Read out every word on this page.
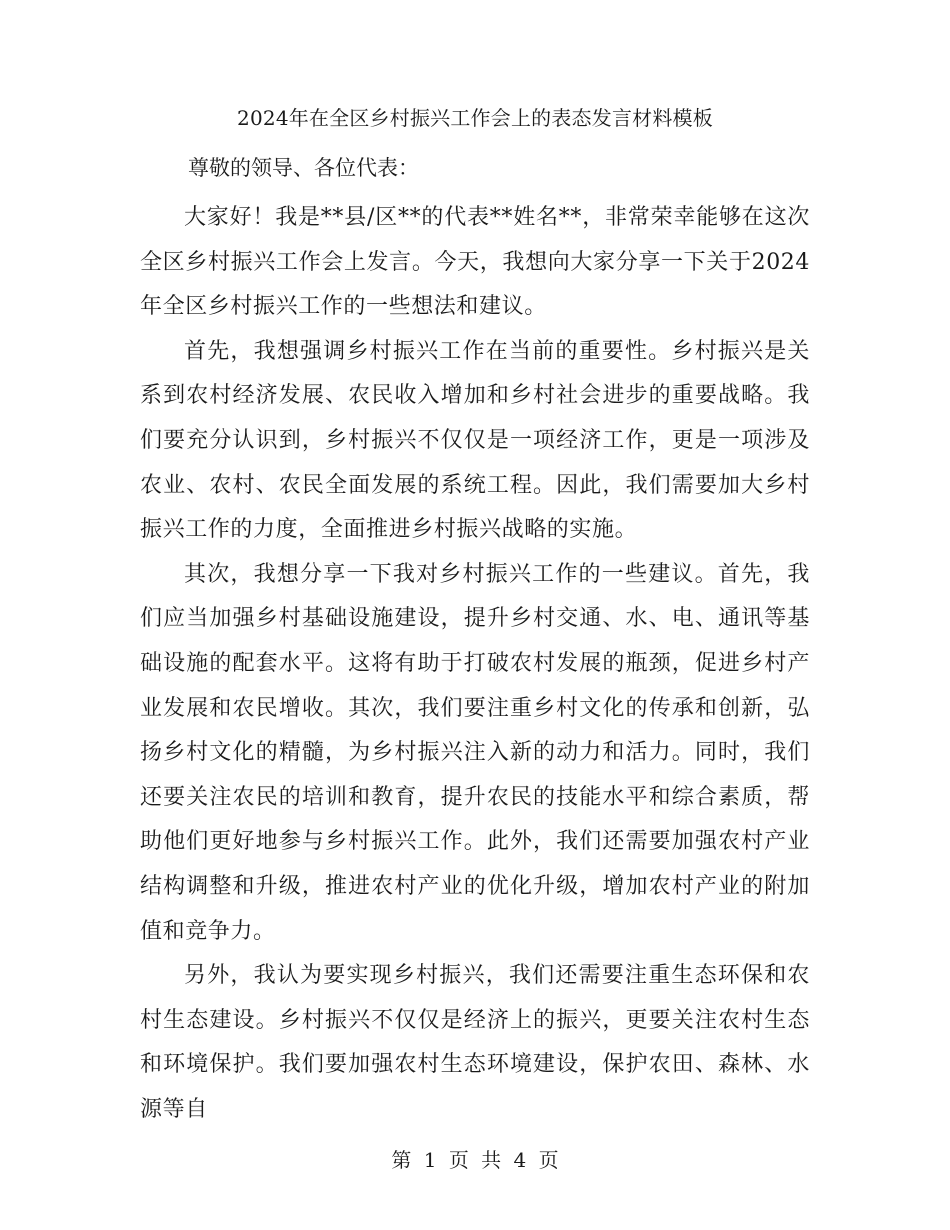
2024年在全区乡村振兴工作会上的表态发言材料模板

尊敬的领导、各位代表：

大家好！我是**县/区**的代表**姓名**，非常荣幸能够在这次全区乡村振兴工作会上发言。今天，我想向大家分享一下关于2024年全区乡村振兴工作的一些想法和建议。

首先，我想强调乡村振兴工作在当前的重要性。乡村振兴是关系到农村经济发展、农民收入增加和乡村社会进步的重要战略。我们要充分认识到，乡村振兴不仅仅是一项经济工作，更是一项涉及农业、农村、农民全面发展的系统工程。因此，我们需要加大乡村振兴工作的力度，全面推进乡村振兴战略的实施。

其次，我想分享一下我对乡村振兴工作的一些建议。首先，我们应当加强乡村基础设施建设，提升乡村交通、水、电、通讯等基础设施的配套水平。这将有助于打破农村发展的瓶颈，促进乡村产业发展和农民增收。其次，我们要注重乡村文化的传承和创新，弘扬乡村文化的精髓，为乡村振兴注入新的动力和活力。同时，我们还要关注农民的培训和教育，提升农民的技能水平和综合素质，帮助他们更好地参与乡村振兴工作。此外，我们还需要加强农村产业结构调整和升级，推进农村产业的优化升级，增加农村产业的附加值和竞争力。

另外，我认为要实现乡村振兴，我们还需要注重生态环保和农村生态建设。乡村振兴不仅仅是经济上的振兴，更要关注农村生态和环境保护。我们要加强农村生态环境建设，保护农田、森林、水源等自

第 1 页 共 4 页
